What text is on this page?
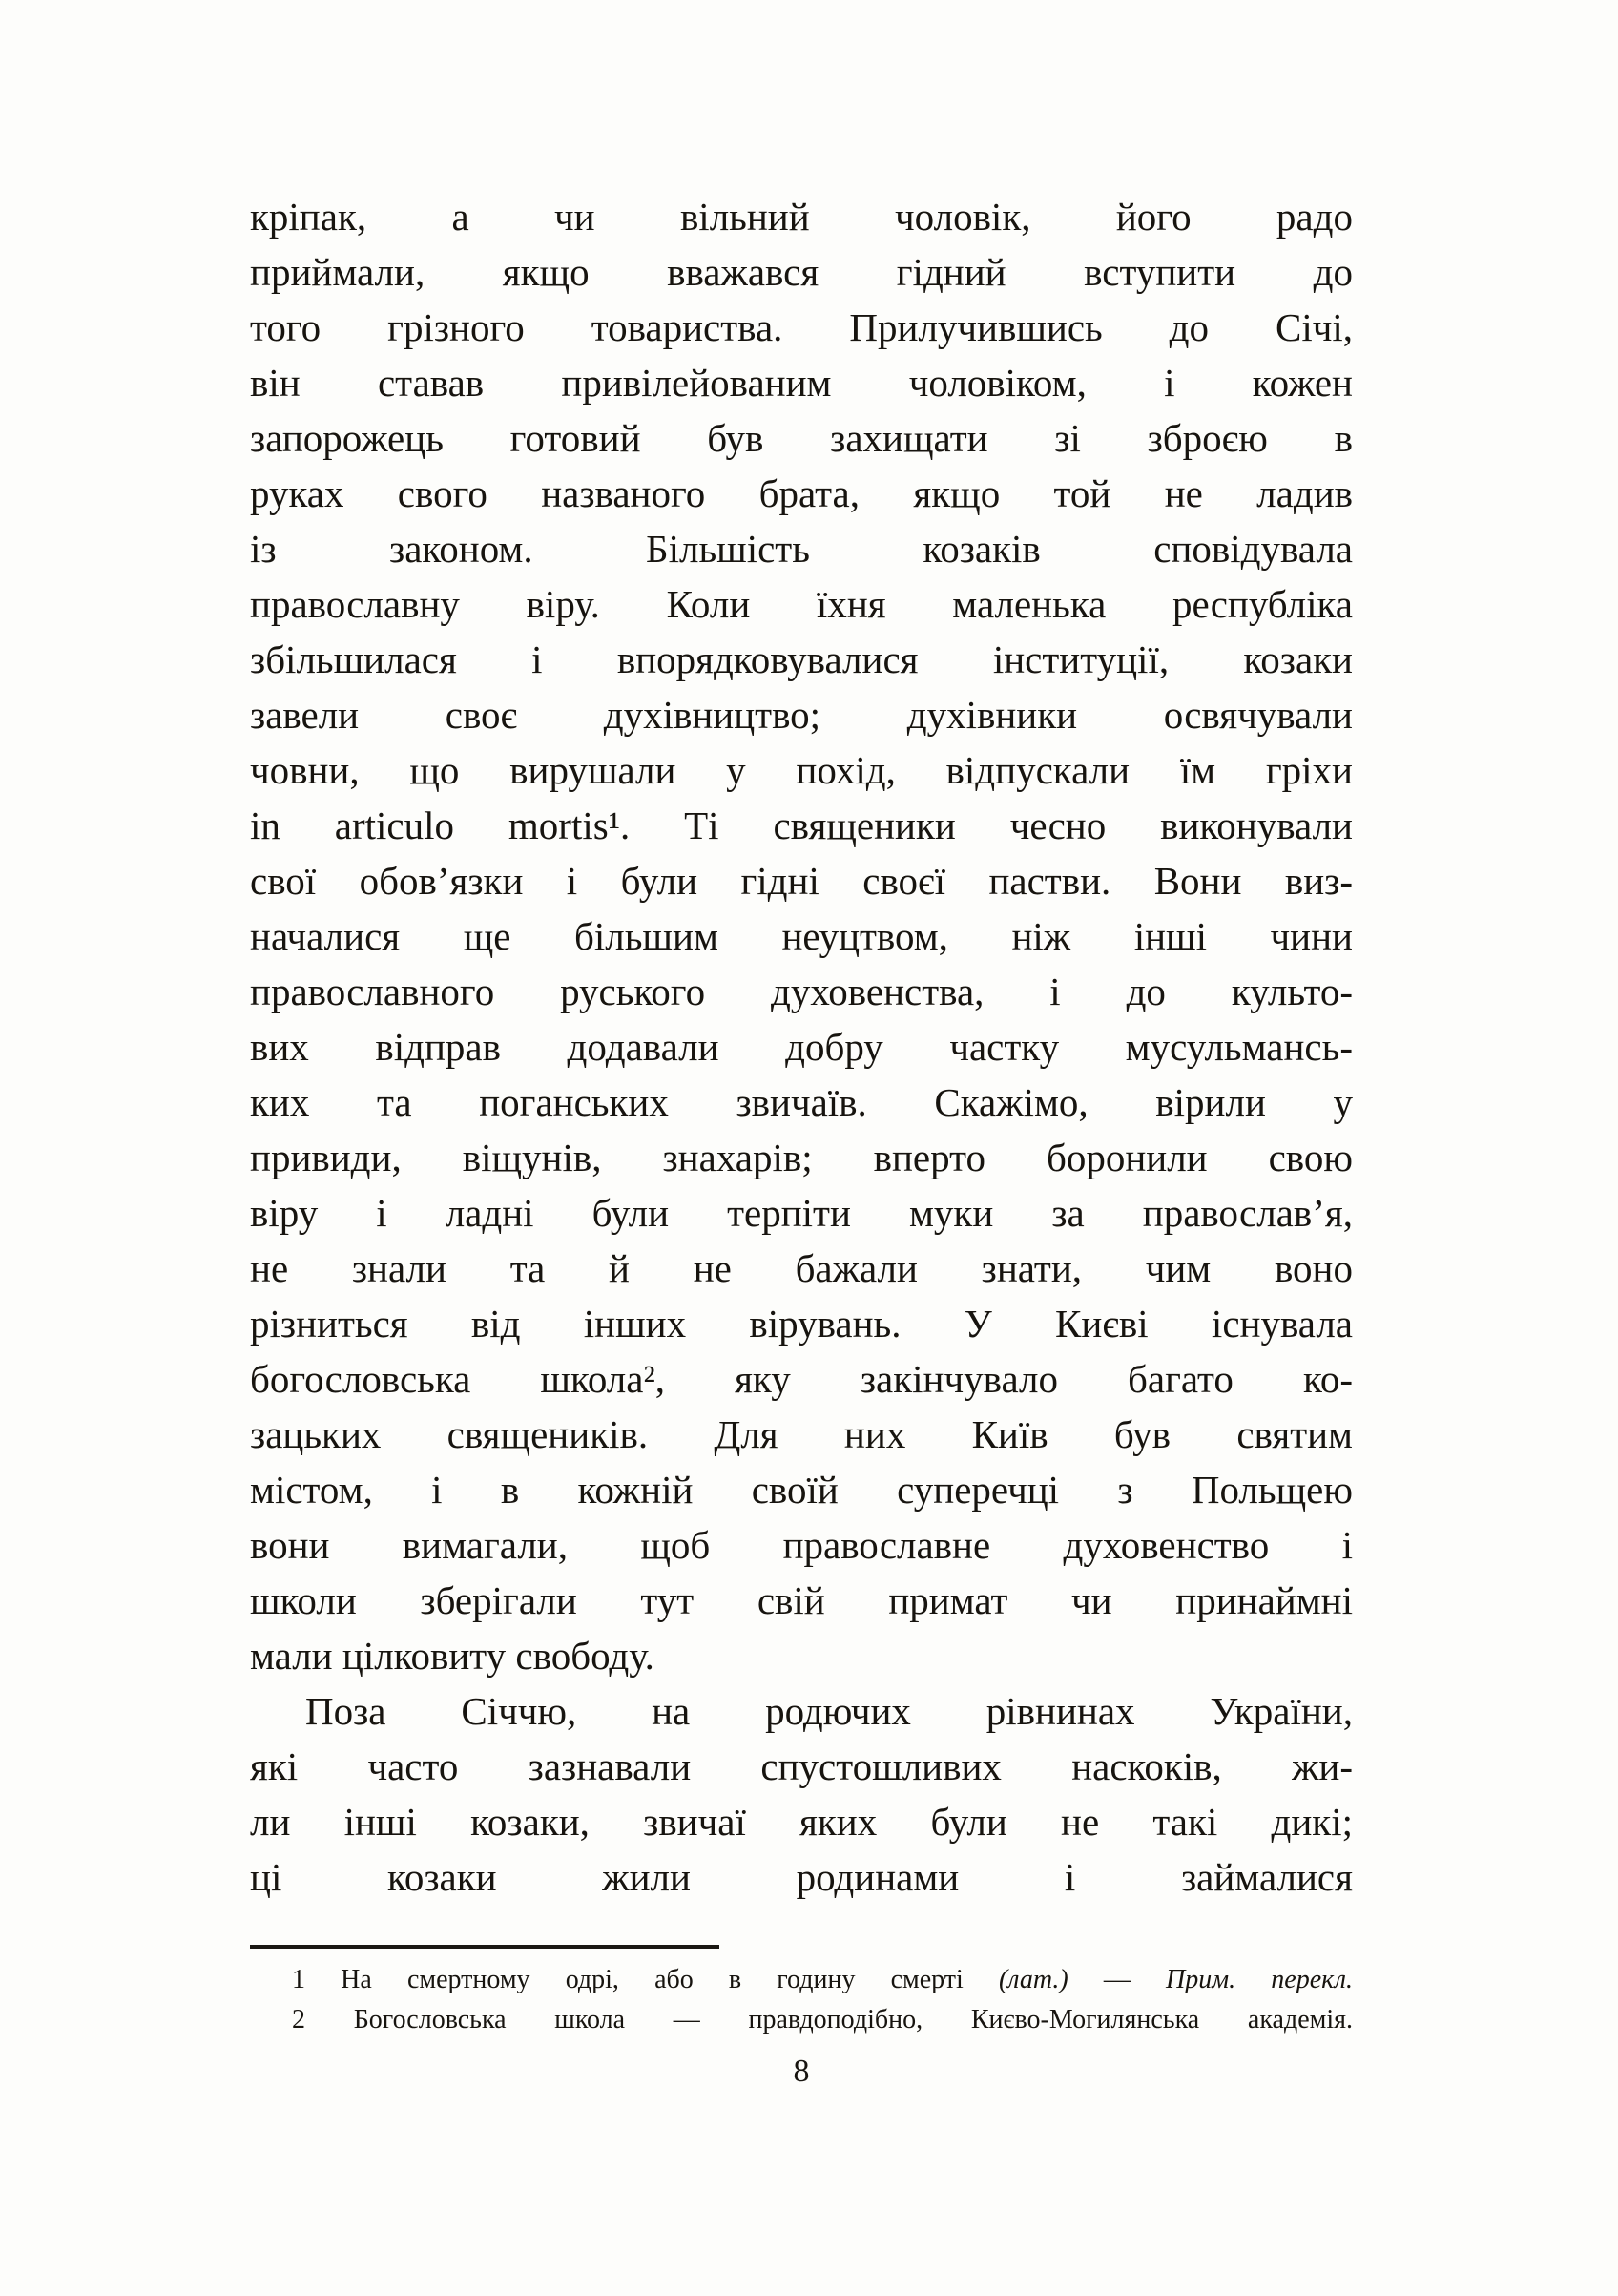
кріпак, а чи вільний чоловік, його радо
приймали, якщо вважався гідний вступити до
того грізного товариства. Прилучившись до Січі,
він ставав привілейованим чоловіком, і кожен
запорожець готовий був захищати зі зброєю в
руках свого названого брата, якщо той не ладив
із законом. Більшість козаків сповідувала
православну віру. Коли їхня маленька республіка
збільшилася і впорядковувалися інституції, козаки
завели своє духівництво; духівники освячували
човни, що вирушали у похід, відпускали їм гріхи
in articulo mortis¹. Ті священики чесно виконували
свої обов’язки і були гідні своєї пастви. Вони виз-
началися ще більшим неуцтвом, ніж інші чини
православного руського духовенства, і до культо-
вих відправ додавали добру частку мусульмансь-
ких та поганських звичаїв. Скажімо, вірили у
привиди, віщунів, знахарів; вперто боронили свою
віру і ладні були терпіти муки за православ’я,
не знали та й не бажали знати, чим воно
різниться від інших вірувань. У Києві існувала
богословська школа², яку закінчувало багато ко-
зацьких священиків. Для них Київ був святим
містом, і в кожній своїй суперечці з Польщею
вони вимагали, щоб православне духовенство і
школи зберігали тут свій примат чи принаймні
мали цілковиту свободу.
Поза Січчю, на родючих рівнинах України,
які часто зазнавали спустошливих наскоків, жи-
ли інші козаки, звичаї яких були не такі дикі;
ці козаки жили родинами і займалися
1 На смертному одрі, або в годину смерті (лат.) — Прим. перекл.
2 Богословська школа — правдоподібно, Києво-Могилянська академія.
8
